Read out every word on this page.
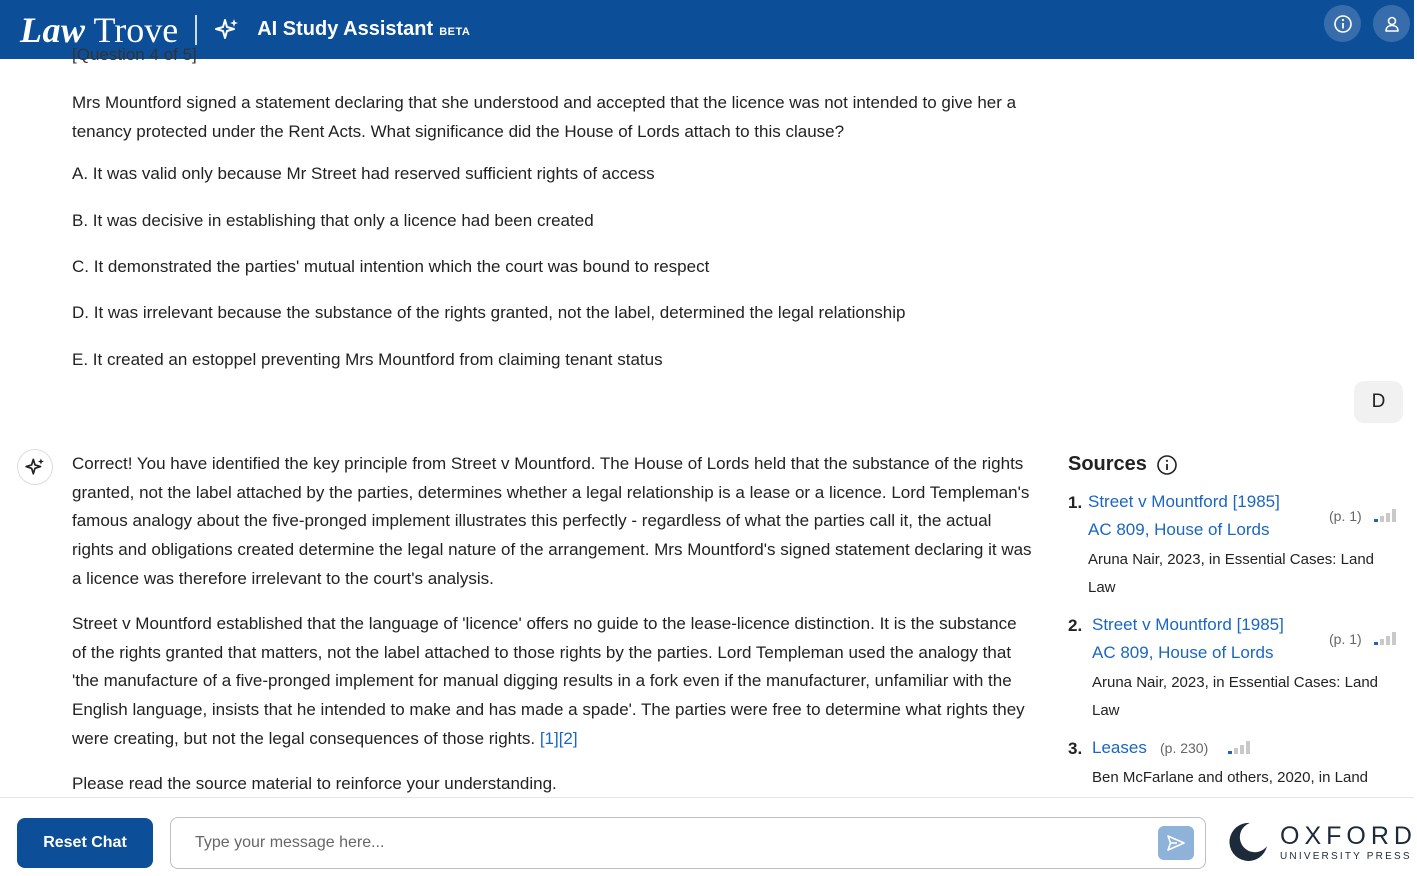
Law Trove	AI Study Assistant BETA
[Question 4 of 5]

Mrs Mountford signed a statement declaring that she understood and accepted that the licence was not intended to give her a tenancy protected under the Rent Acts. What significance did the House of Lords attach to this clause?

A. It was valid only because Mr Street had reserved sufficient rights of access
B. It was decisive in establishing that only a licence had been created
C. It demonstrated the parties' mutual intention which the court was bound to respect
D. It was irrelevant because the substance of the rights granted, not the label, determined the legal relationship
E. It created an estoppel preventing Mrs Mountford from claiming tenant status
D

Correct! You have identified the key principle from Street v Mountford. The House of Lords held that the substance of the rights granted, not the label attached by the parties, determines whether a legal relationship is a lease or a licence. Lord Templeman's famous analogy about the five-pronged implement illustrates this perfectly - regardless of what the parties call it, the actual rights and obligations created determine the legal nature of the arrangement. Mrs Mountford's signed statement declaring it was a licence was therefore irrelevant to the court's analysis.

Street v Mountford established that the language of 'licence' offers no guide to the lease-licence distinction. It is the substance of the rights granted that matters, not the label attached to those rights by the parties. Lord Templeman used the analogy that 'the manufacture of a five-pronged implement for manual digging results in a fork even if the manufacturer, unfamiliar with the English language, insists that he intended to make and has made a spade'. The parties were free to determine what rights they were creating, but not the legal consequences of those rights. [1][2]

Please read the source material to reinforce your understanding.

Sources
1. Street v Mountford [1985]
AC 809, House of Lords
(p. 1)
Aruna Nair, 2023, in Essential Cases: Land
Law
2. Street v Mountford [1985]
AC 809, House of Lords
(p. 1)
Aruna Nair, 2023, in Essential Cases: Land
Law
3. Leases (p. 230)
Ben McFarlane and others, 2020, in Land
Reset Chat
Type your message here...	OXFORD
UNIVERSITY PRESS
